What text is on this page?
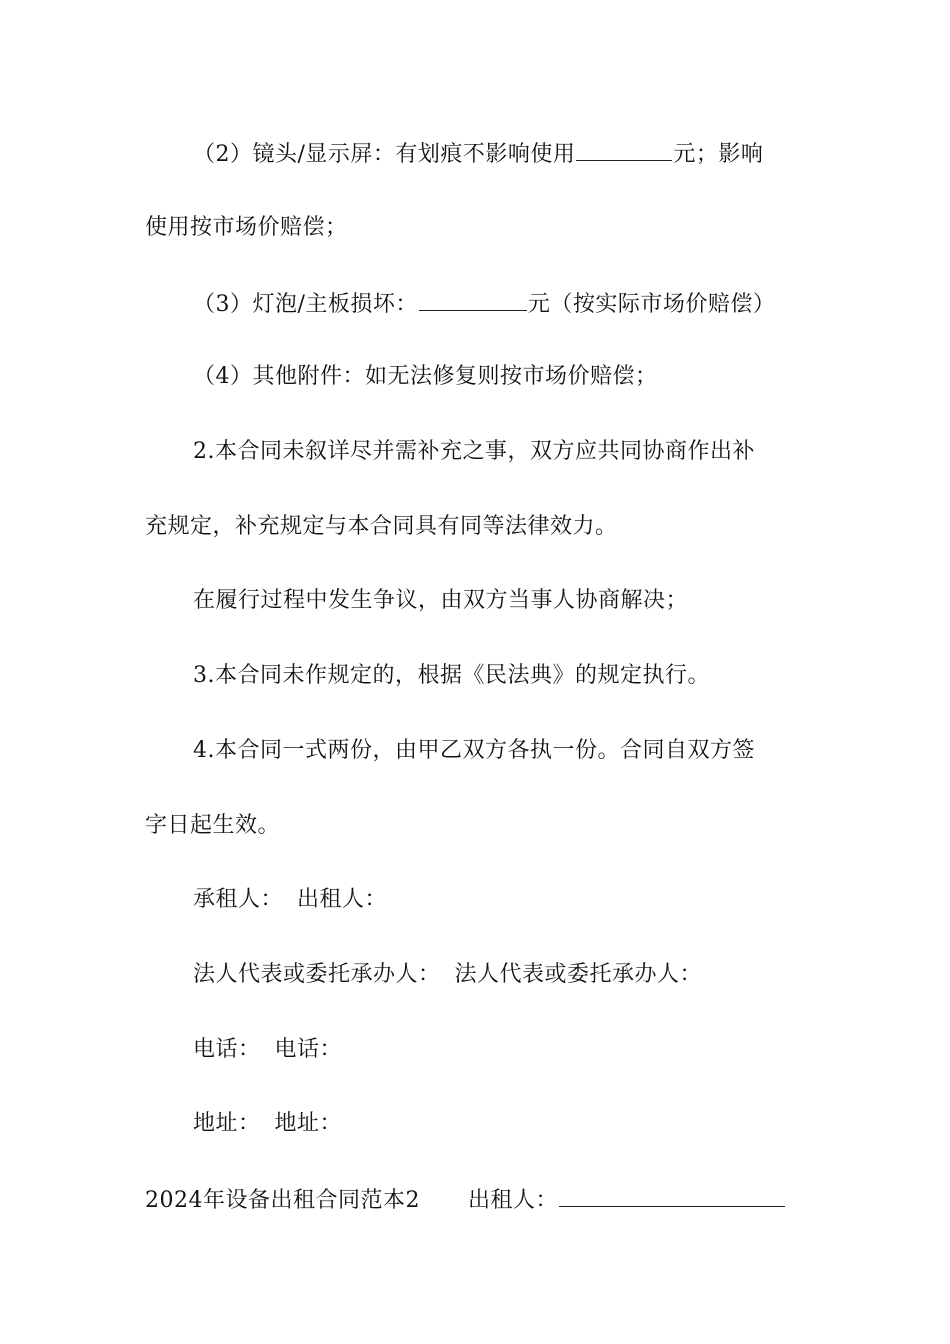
（2）镜头/显示屏：有划痕不影响使用	元；影响
使用按市场价赔偿；
（3）灯泡/主板损坏：	元（按实际市场价赔偿）
（4）其他附件：如无法修复则按市场价赔偿；
2.本合同未叙详尽并需补充之事，双方应共同协商作出补
充规定，补充规定与本合同具有同等法律效力。
在履行过程中发生争议，由双方当事人协商解决；
3.本合同未作规定的，根据《民法典》的规定执行。
4.本合同一式两份，由甲乙双方各执一份。合同自双方签
字日起生效。
承租人： 出租人：
法人代表或委托承办人： 法人代表或委托承办人：
电话： 电话：
地址： 地址：
2024年设备出租合同范本2 出租人：
